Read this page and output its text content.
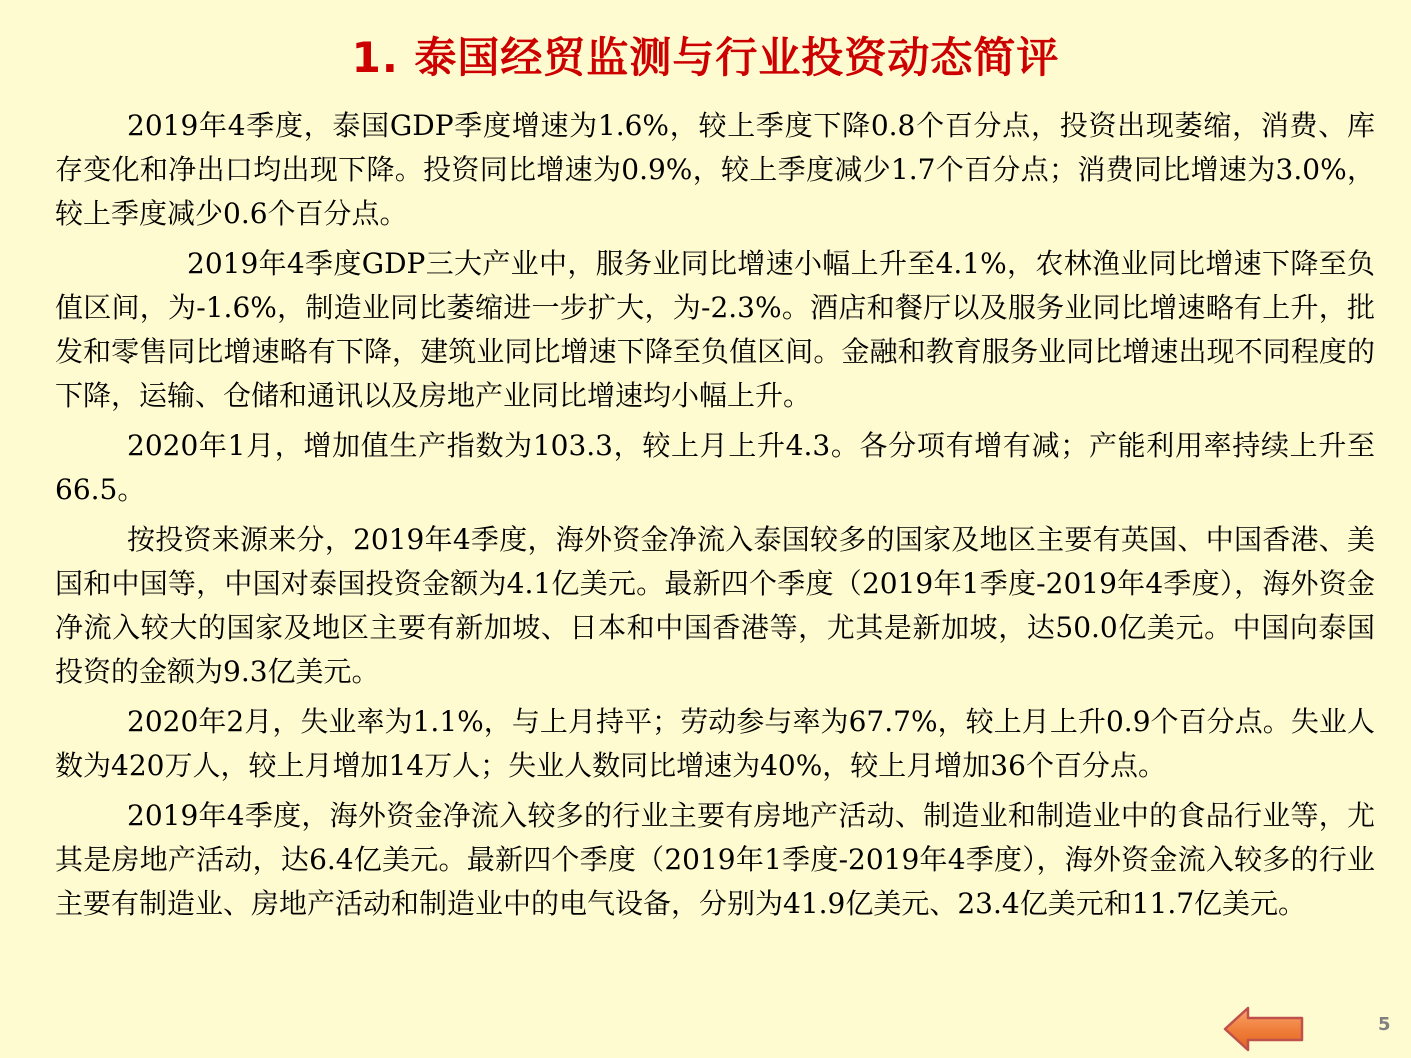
1. 泰国经贸监测与行业投资动态简评

2019年4季度，泰国GDP季度增速为1.6%，较上季度下降0.8个百分点，投资出现萎缩，消费、库存变化和净出口均出现下降。投资同比增速为0.9%，较上季度减少1.7个百分点；消费同比增速为3.0%，较上季度减少0.6个百分点。

2019年4季度GDP三大产业中，服务业同比增速小幅上升至4.1%，农林渔业同比增速下降至负值区间，为-1.6%，制造业同比萎缩进一步扩大，为-2.3%。酒店和餐厅以及服务业同比增速略有上升，批发和零售同比增速略有下降，建筑业同比增速下降至负值区间。金融和教育服务业同比增速出现不同程度的下降，运输、仓储和通讯以及房地产业同比增速均小幅上升。

2020年1月，增加值生产指数为103.3，较上月上升4.3。各分项有增有减；产能利用率持续上升至66.5。

按投资来源来分，2019年4季度，海外资金净流入泰国较多的国家及地区主要有英国、中国香港、美国和中国等，中国对泰国投资金额为4.1亿美元。最新四个季度（2019年1季度-2019年4季度），海外资金净流入较大的国家及地区主要有新加坡、日本和中国香港等，尤其是新加坡，达50.0亿美元。中国向泰国投资的金额为9.3亿美元。

2020年2月，失业率为1.1%，与上月持平；劳动参与率为67.7%，较上月上升0.9个百分点。失业人数为420万人，较上月增加14万人；失业人数同比增速为40%，较上月增加36个百分点。

2019年4季度，海外资金净流入较多的行业主要有房地产活动、制造业和制造业中的食品行业等，尤其是房地产活动，达6.4亿美元。最新四个季度（2019年1季度-2019年4季度），海外资金流入较多的行业主要有制造业、房地产活动和制造业中的电气设备，分别为41.9亿美元、23.4亿美元和11.7亿美元。

5
